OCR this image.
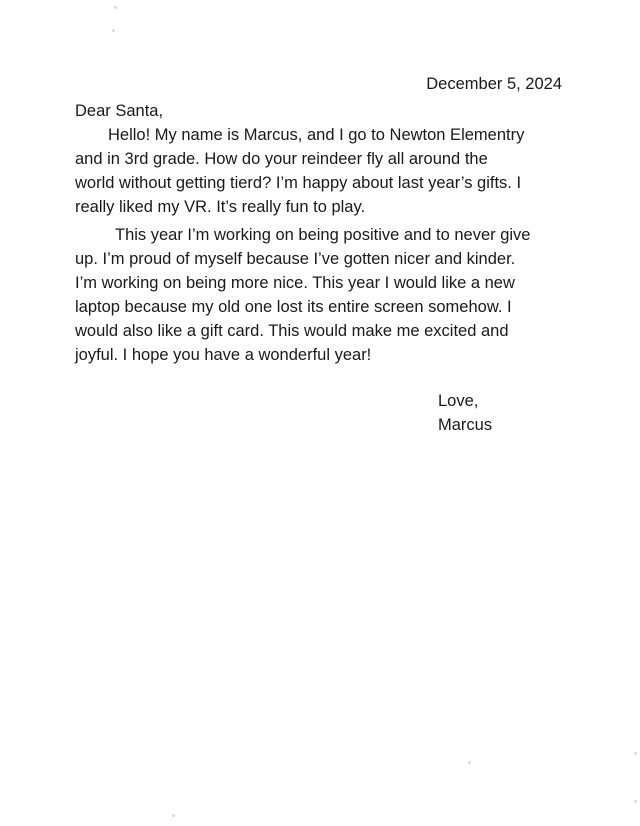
December 5, 2024
Dear Santa,

Hello! My name is Marcus, and I go to Newton Elementry
and in 3rd grade. How do your reindeer fly all around the
world without getting tierd? I’m happy about last year’s gifts. I
really liked my VR. It’s really fun to play.

This year I’m working on being positive and to never give
up. I’m proud of myself because I’ve gotten nicer and kinder.
I’m working on being more nice. This year I would like a new
laptop because my old one lost its entire screen somehow. I
would also like a gift card. This would make me excited and
joyful. I hope you have a wonderful year!

Love,
Marcus
